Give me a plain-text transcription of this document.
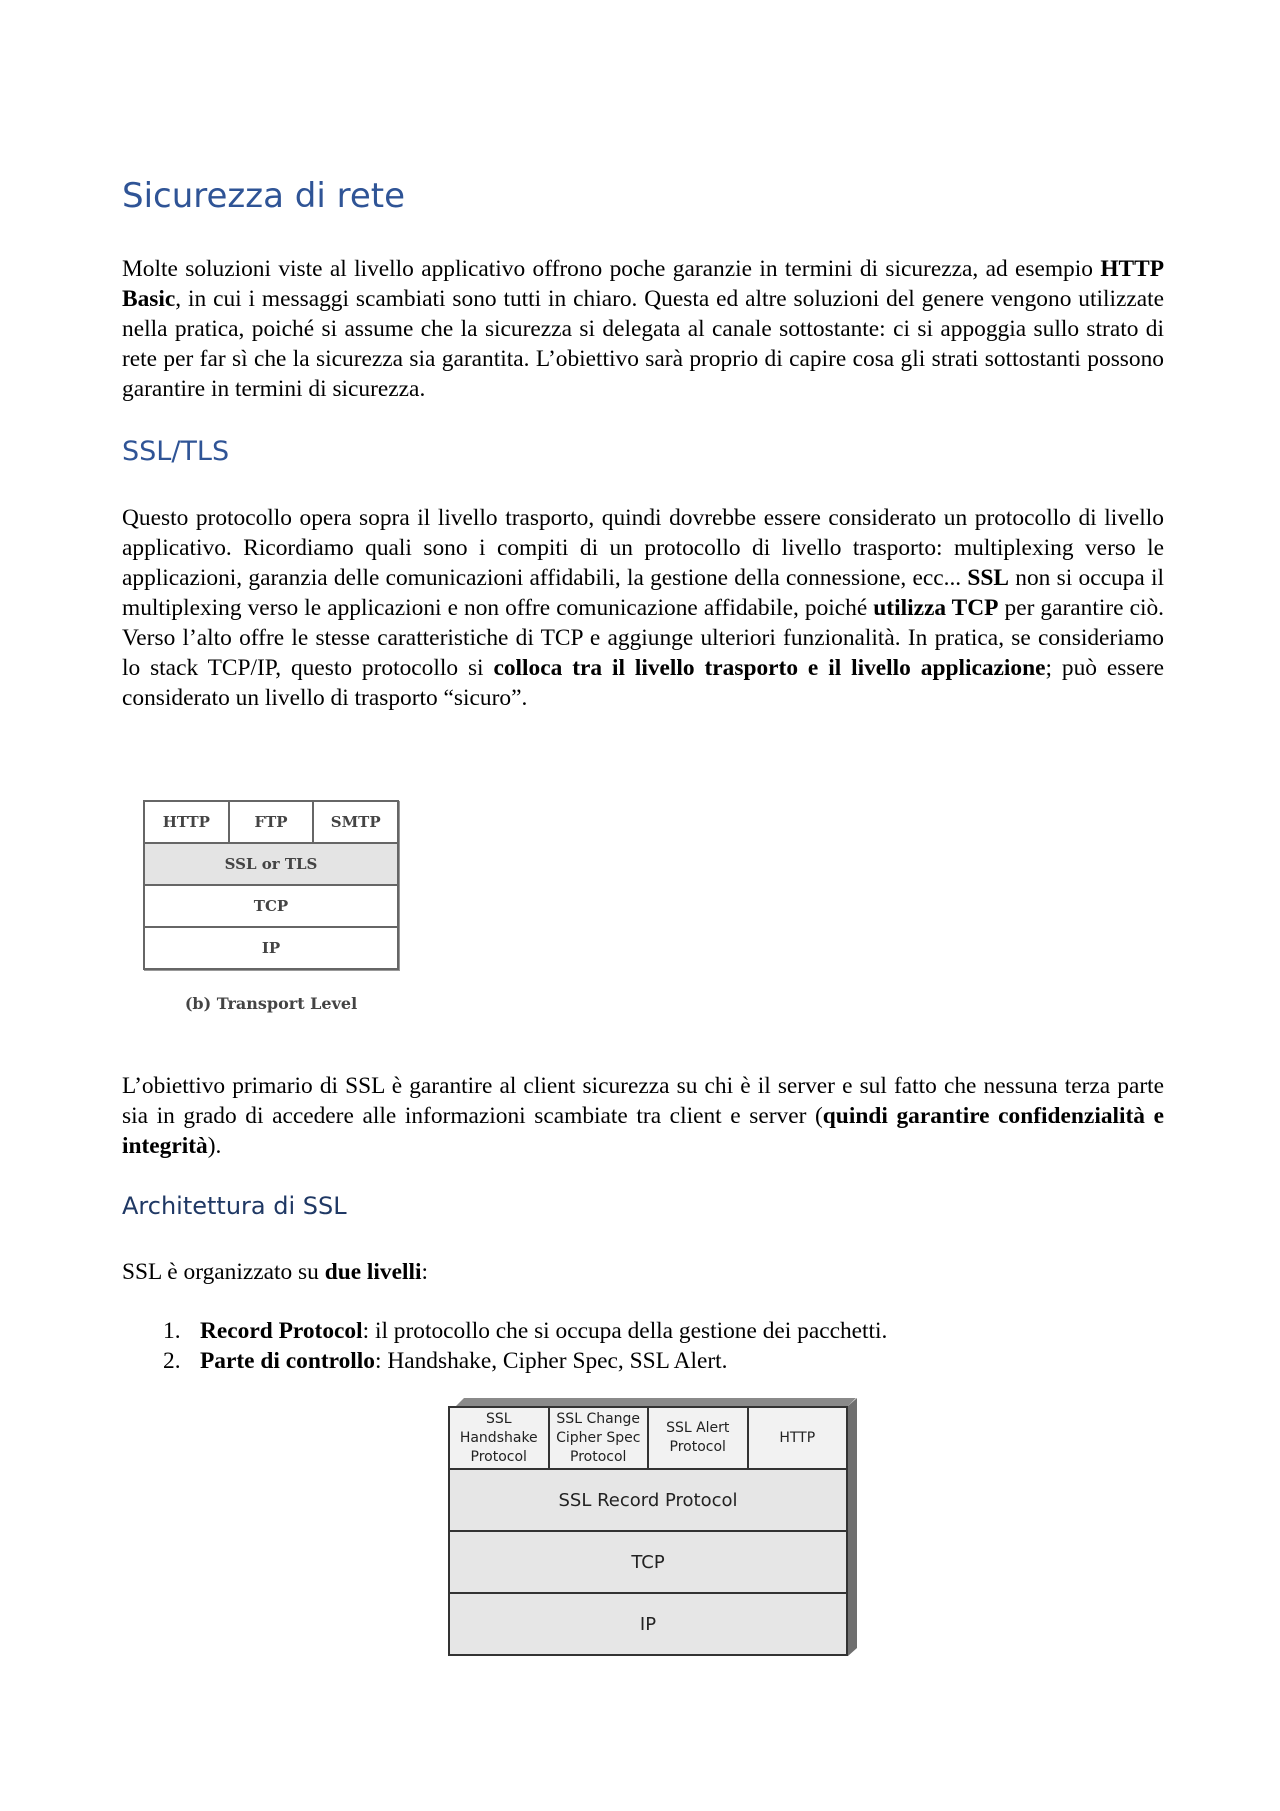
Sicurezza di rete

Molte soluzioni viste al livello applicativo offrono poche garanzie in termini di sicurezza, ad esempio HTTP Basic, in cui i messaggi scambiati sono tutti in chiaro. Questa ed altre soluzioni del genere vengono utilizzate nella pratica, poiché si assume che la sicurezza si delegata al canale sottostante: ci si appoggia sullo strato di rete per far sì che la sicurezza sia garantita. L’obiettivo sarà proprio di capire cosa gli strati sottostanti possono garantire in termini di sicurezza.

SSL/TLS

Questo protocollo opera sopra il livello trasporto, quindi dovrebbe essere considerato un protocollo di livello applicativo. Ricordiamo quali sono i compiti di un protocollo di livello trasporto: multiplexing verso le applicazioni, garanzia delle comunicazioni affidabili, la gestione della connessione, ecc... SSL non si occupa il multiplexing verso le applicazioni e non offre comunicazione affidabile, poiché utilizza TCP per garantire ciò. Verso l’alto offre le stesse caratteristiche di TCP e aggiunge ulteriori funzionalità. In pratica, se consideriamo lo stack TCP/IP, questo protocollo si colloca tra il livello trasporto e il livello applicazione; può essere considerato un livello di trasporto “sicuro”.

HTTP	FTP	SMTP
SSL or TLS
TCP
IP
(b) Transport Level

L’obiettivo primario di SSL è garantire al client sicurezza su chi è il server e sul fatto che nessuna terza parte sia in grado di accedere alle informazioni scambiate tra client e server (quindi garantire confidenzialità e integrità).

Architettura di SSL

SSL è organizzato su due livelli:

1. Record Protocol: il protocollo che si occupa della gestione dei pacchetti.
2. Parte di controllo: Handshake, Cipher Spec, SSL Alert.
SSL
Handshake
Protocol
SSL Change
Cipher Spec
Protocol
SSL Alert
Protocol
HTTP
SSL Record Protocol
TCP
IP
